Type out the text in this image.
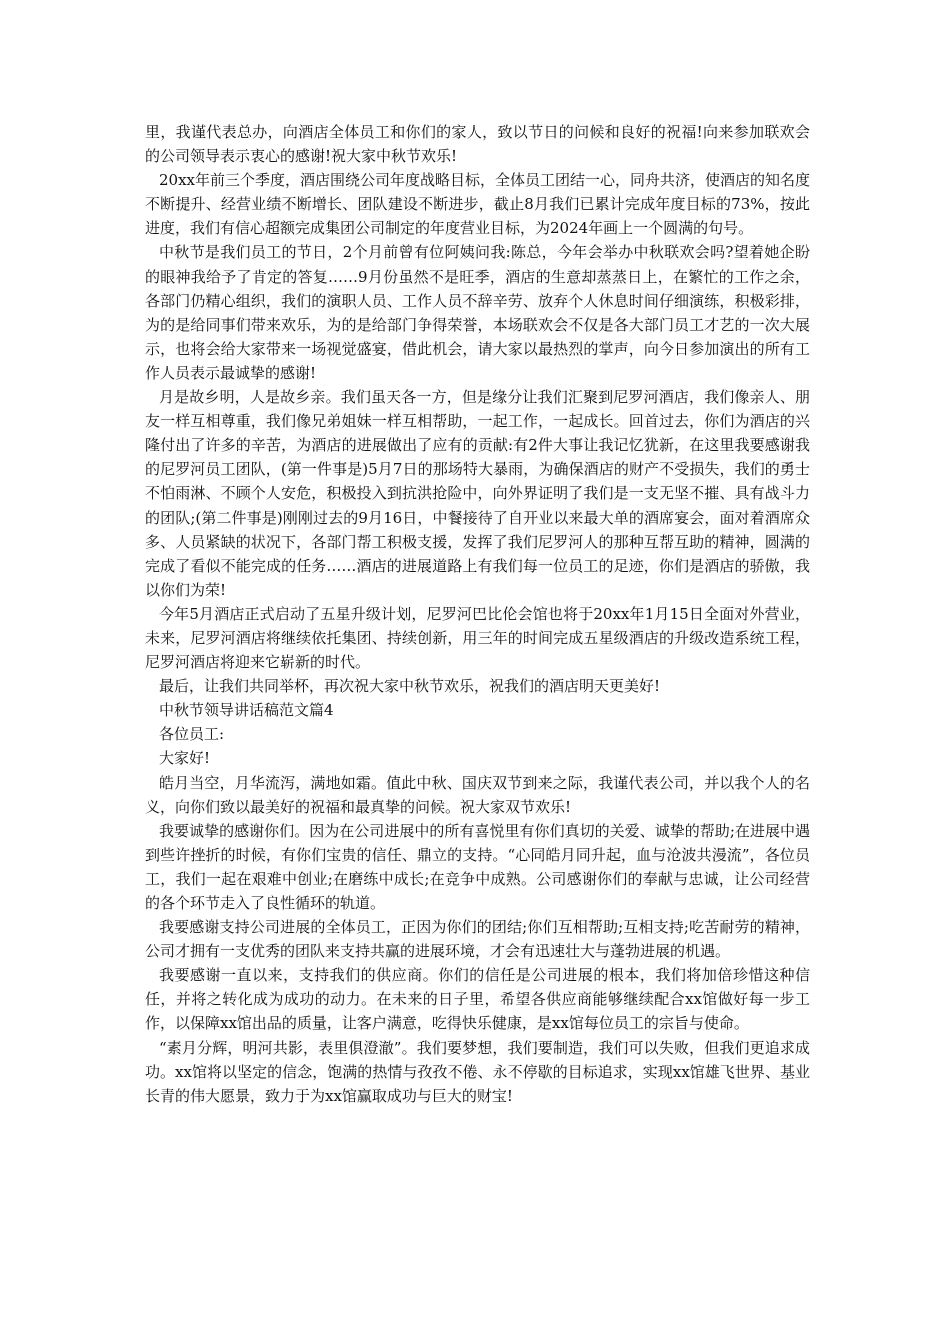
里，我谨代表总办，向酒店全体员工和你们的家人，致以节日的问候和良好的祝福!向来参加联欢会的公司领导表示衷心的感谢!祝大家中秋节欢乐!

20xx年前三个季度，酒店围绕公司年度战略目标，全体员工团结一心，同舟共济，使酒店的知名度不断提升、经营业绩不断增长、团队建设不断进步，截止8月我们已累计完成年度目标的73%，按此进度，我们有信心超额完成集团公司制定的年度营业目标，为2024年画上一个圆满的句号。

中秋节是我们员工的节日，2个月前曾有位阿姨问我:陈总，今年会举办中秋联欢会吗?望着她企盼的眼神我给予了肯定的答复……9月份虽然不是旺季，酒店的生意却蒸蒸日上，在繁忙的工作之余，各部门仍精心组织，我们的演职人员、工作人员不辞辛劳、放弃个人休息时间仔细演练，积极彩排，为的是给同事们带来欢乐，为的是给部门争得荣誉，本场联欢会不仅是各大部门员工才艺的一次大展示，也将会给大家带来一场视觉盛宴，借此机会，请大家以最热烈的掌声，向今日参加演出的所有工作人员表示最诚挚的感谢!

月是故乡明，人是故乡亲。我们虽天各一方，但是缘分让我们汇聚到尼罗河酒店，我们像亲人、朋友一样互相尊重，我们像兄弟姐妹一样互相帮助，一起工作，一起成长。回首过去，你们为酒店的兴隆付出了许多的辛苦，为酒店的进展做出了应有的贡献:有2件大事让我记忆犹新，在这里我要感谢我的尼罗河员工团队，(第一件事是)5月7日的那场特大暴雨，为确保酒店的财产不受损失，我们的勇士不怕雨淋、不顾个人安危，积极投入到抗洪抢险中，向外界证明了我们是一支无坚不摧、具有战斗力的团队;(第二件事是)刚刚过去的9月16日，中餐接待了自开业以来最大单的酒席宴会，面对着酒席众多、人员紧缺的状况下，各部门帮工积极支援，发挥了我们尼罗河人的那种互帮互助的精神，圆满的完成了看似不能完成的任务……酒店的进展道路上有我们每一位员工的足迹，你们是酒店的骄傲，我以你们为荣!

今年5月酒店正式启动了五星升级计划，尼罗河巴比伦会馆也将于20xx年1月15日全面对外营业，未来，尼罗河酒店将继续依托集团、持续创新，用三年的时间完成五星级酒店的升级改造系统工程，尼罗河酒店将迎来它崭新的时代。

最后，让我们共同举杯，再次祝大家中秋节欢乐，祝我们的酒店明天更美好!

中秋节领导讲话稿范文篇4

各位员工:

大家好!

皓月当空，月华流泻，满地如霜。值此中秋、国庆双节到来之际，我谨代表公司，并以我个人的名义，向你们致以最美好的祝福和最真挚的问候。祝大家双节欢乐!

我要诚挚的感谢你们。因为在公司进展中的所有喜悦里有你们真切的关爱、诚挚的帮助;在进展中遇到些许挫折的时候，有你们宝贵的信任、鼎立的支持。“心同皓月同升起，血与沧波共漫流”，各位员工，我们一起在艰难中创业;在磨练中成长;在竞争中成熟。公司感谢你们的奉献与忠诚，让公司经营的各个环节走入了良性循环的轨道。

我要感谢支持公司进展的全体员工，正因为你们的团结;你们互相帮助;互相支持;吃苦耐劳的精神，公司才拥有一支优秀的团队来支持共赢的进展环境，才会有迅速壮大与蓬勃进展的机遇。

我要感谢一直以来，支持我们的供应商。你们的信任是公司进展的根本，我们将加倍珍惜这种信任，并将之转化成为成功的动力。在未来的日子里，希望各供应商能够继续配合xx馆做好每一步工作，以保障xx馆出品的质量，让客户满意，吃得快乐健康，是xx馆每位员工的宗旨与使命。

“素月分辉，明河共影，表里俱澄澈”。我们要梦想，我们要制造，我们可以失败，但我们更追求成功。xx馆将以坚定的信念，饱满的热情与孜孜不倦、永不停歇的目标追求，实现xx馆雄飞世界、基业长青的伟大愿景，致力于为xx馆赢取成功与巨大的财宝!
